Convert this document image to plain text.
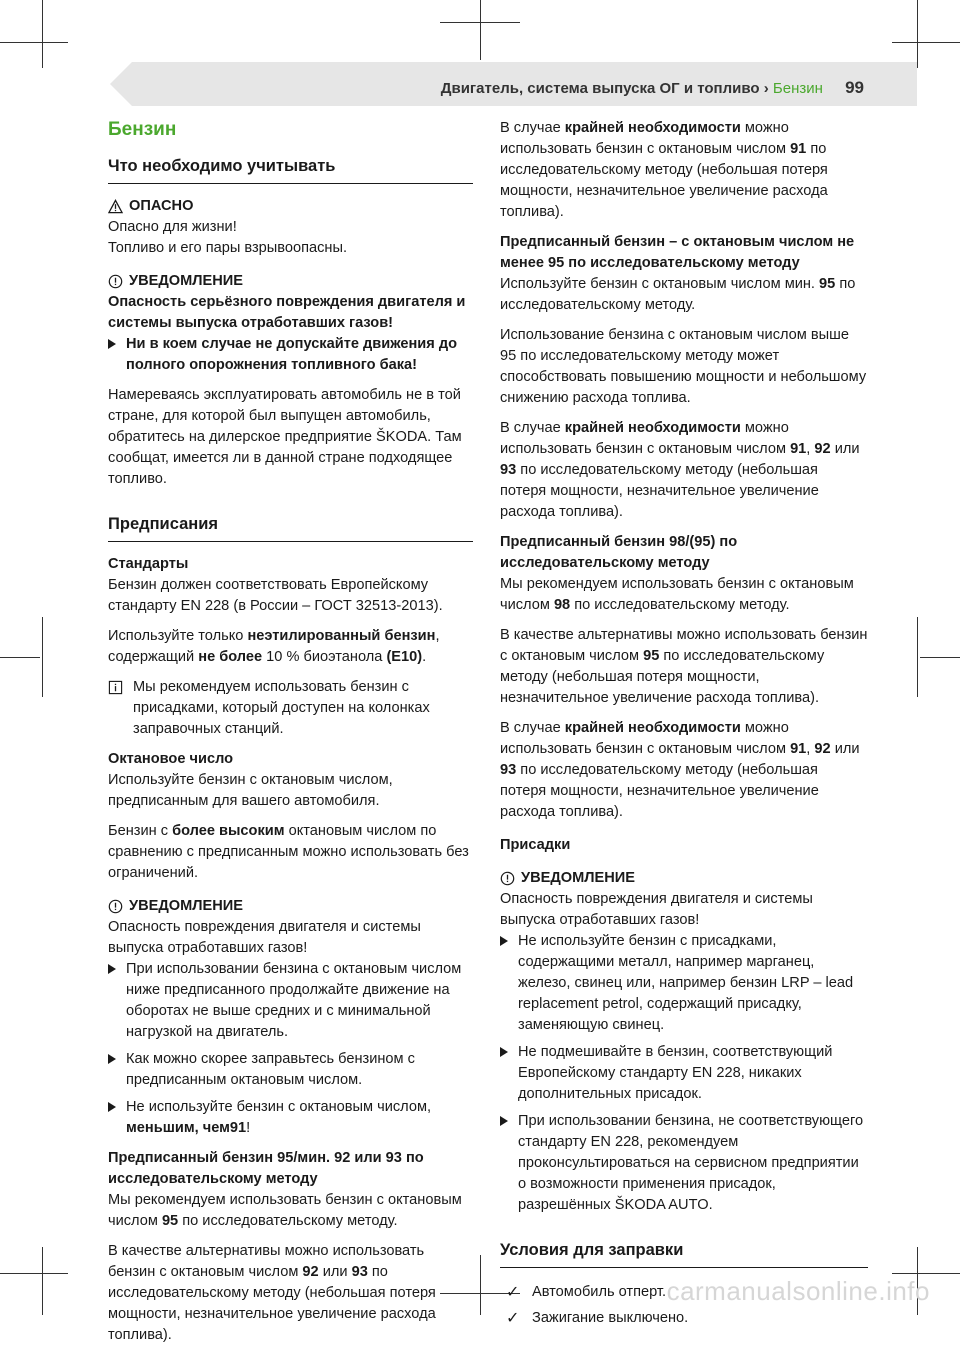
Двигатель, система выпуска ОГ и топливо › Бензин 99
Бензин
Что необходимо учитывать
ОПАСНО
Опасно для жизни!
Топливо и его пары взрывоопасны.
УВЕДОМЛЕНИЕ
Опасность серьёзного повреждения двигателя и системы выпуска отработавших газов!
Ни в коем случае не допускайте движения до полного опорожнения топливного бака!

Намереваясь эксплуатировать автомобиль не в той стране, для которой был выпущен автомобиль, обратитесь на дилерское предприятие ŠKODA. Там сообщат, имеется ли в данной стране подходящее топливо.

Предписания
Стандарты

Бензин должен соответствовать Европейскому стандарту EN 228 (в России – ГОСТ 32513-2013).

Используйте только неэтилированный бензин, содержащий не более 10 % биоэтанола (E10).

Мы рекомендуем использовать бензин с присадками, который доступен на колонках заправочных станций.
Октановое число

Используйте бензин с октановым числом, предписанным для вашего автомобиля.

Бензин с более высоким октановым числом по сравнению с предписанным можно использовать без ограничений.

УВЕДОМЛЕНИЕ
Опасность повреждения двигателя и системы выпуска отработавших газов!
При использовании бензина с октановым числом ниже предписанного продолжайте движение на оборотах не выше средних и с минимальной нагрузкой на двигатель.
Как можно скорее заправьтесь бензином с предписанным октановым числом.
Не используйте бензин с октановым числом, меньшим, чем91!
Предписанный бензин 95/мин. 92 или 93 по исследовательскому методу

Мы рекомендуем использовать бензин с октановым числом 95 по исследовательскому методу.

В качестве альтернативы можно использовать бензин с октановым числом 92 или 93 по исследовательскому методу (небольшая потеря мощности, незначительное увеличение расхода топлива).

В случае крайней необходимости можно использовать бензин с октановым числом 91 по исследовательскому методу (небольшая потеря мощности, незначительное увеличение расхода топлива).

Предписанный бензин – с октановым числом не менее 95 по исследовательскому методу

Используйте бензин с октановым числом мин. 95 по исследовательскому методу.

Использование бензина с октановым числом выше 95 по исследовательскому методу может способствовать повышению мощности и небольшому снижению расхода топлива.

В случае крайней необходимости можно использовать бензин с октановым числом 91, 92 или 93 по исследовательскому методу (небольшая потеря мощности, незначительное увеличение расхода топлива).

Предписанный бензин 98/(95) по исследовательскому методу

Мы рекомендуем использовать бензин с октановым числом 98 по исследовательскому методу.

В качестве альтернативы можно использовать бензин с октановым числом 95 по исследовательскому методу (небольшая потеря мощности, незначительное увеличение расхода топлива).

В случае крайней необходимости можно использовать бензин с октановым числом 91, 92 или 93 по исследовательскому методу (небольшая потеря мощности, незначительное увеличение расхода топлива).

Присадки
УВЕДОМЛЕНИЕ
Опасность повреждения двигателя и системы выпуска отработавших газов!
Не используйте бензин с присадками, содержащими металл, например марганец, железо, свинец или, например бензин LRP – lead replacement petrol, содержащий присадку, заменяющую свинец.
Не подмешивайте в бензин, соответствующий Европейскому стандарту EN 228, никаких дополнительных присадок.
При использовании бензина, не соответствующего стандарту EN 228, рекомендуем проконсультироваться на сервисном предприятии о возможности применения присадок, разрешённых ŠKODA AUTO.
Условия для заправки
✓ Автомобиль отперт.
✓ Зажигание выключено.
carmanualsonline.info
